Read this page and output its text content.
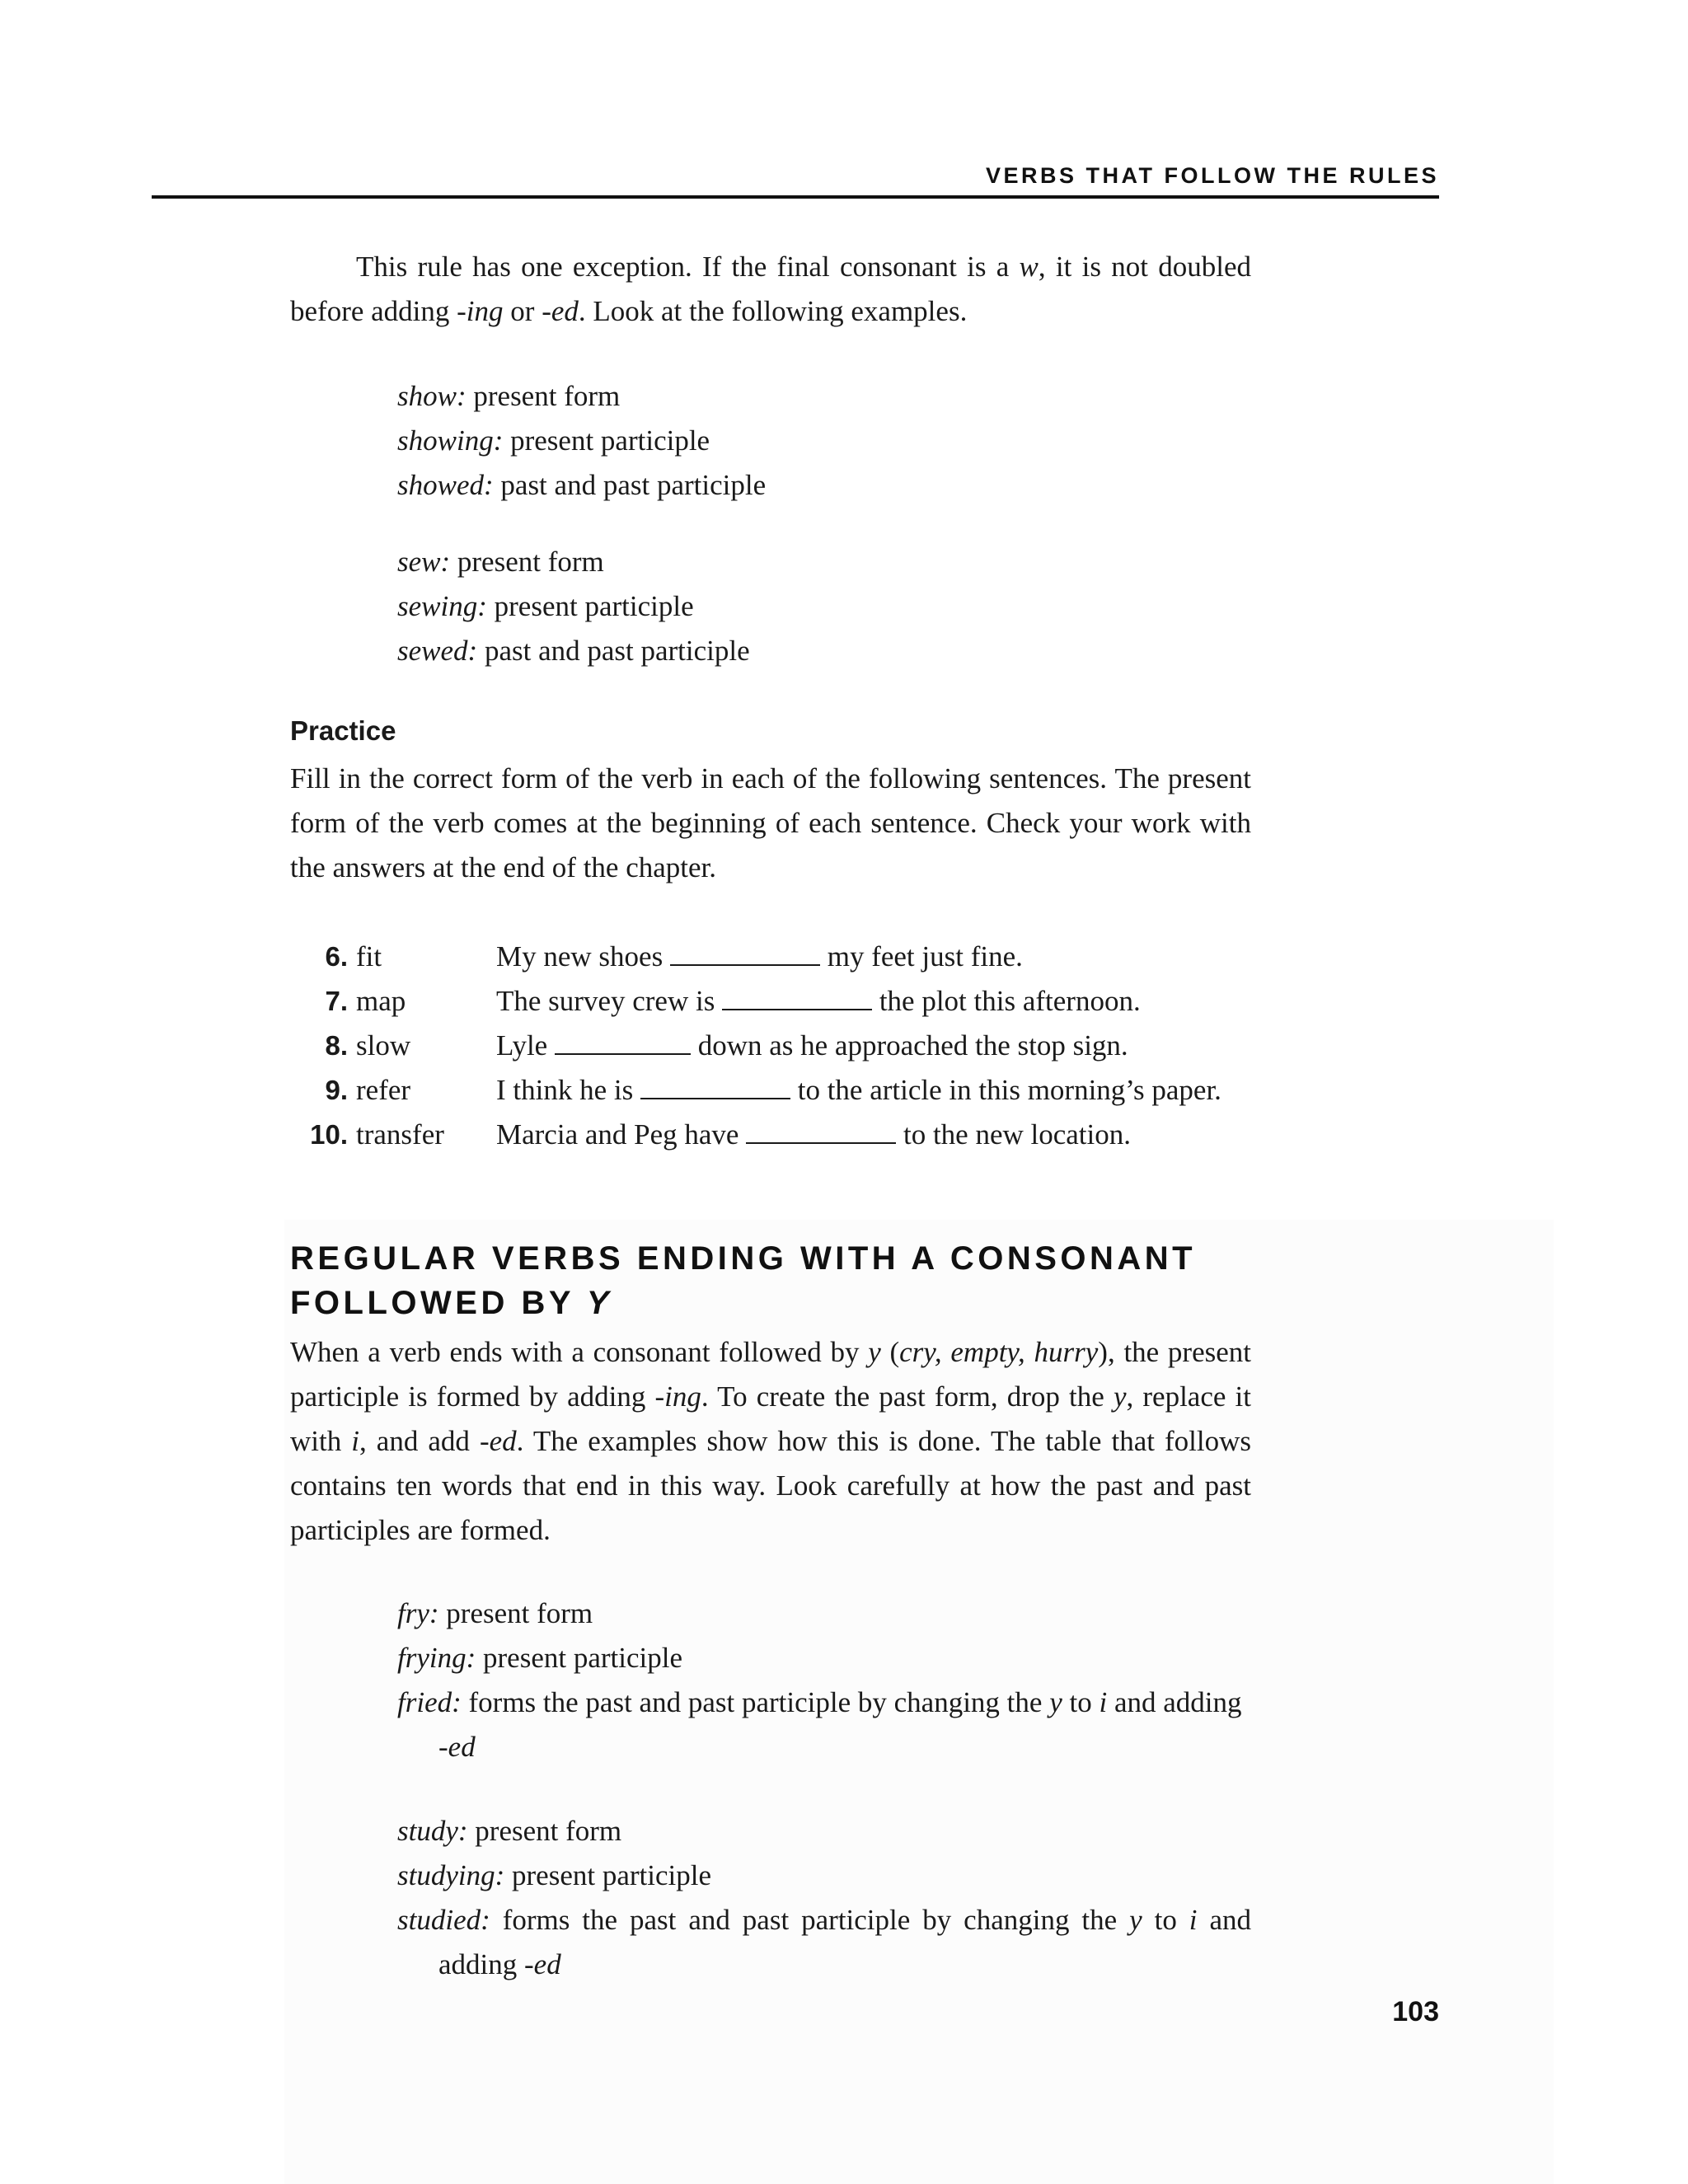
VERBS THAT FOLLOW THE RULES
This rule has one exception. If the final consonant is a w, it is not doubled before adding -ing or -ed. Look at the following examples.
show: present form
showing: present participle
showed: past and past participle
sew: present form
sewing: present participle
sewed: past and past participle
Practice
Fill in the correct form of the verb in each of the following sentences. The present form of the verb comes at the beginning of each sentence. Check your work with the answers at the end of the chapter.
6. fit	My new shoes	my feet just fine.
7. map	The survey crew is	the plot this afternoon.
8. slow	Lyle	down as he approached the stop sign.
9. refer	I think he is	to the article in this morning’s paper.
10. transfer	Marcia and Peg have	to the new location.
REGULAR VERBS ENDING WITH A CONSONANT
FOLLOWED BY Y
When a verb ends with a consonant followed by y (cry, empty, hurry), the present participle is formed by adding -ing. To create the past form, drop the y, replace it with i, and add -ed. The examples show how this is done. The table that follows contains ten words that end in this way. Look carefully at how the past and past participles are formed.
fry: present form
frying: present participle
fried: forms the past and past participle by changing the y to i and adding -ed
study: present form
studying: present participle
studied: forms the past and past participle by changing the y to i and adding -ed
103
